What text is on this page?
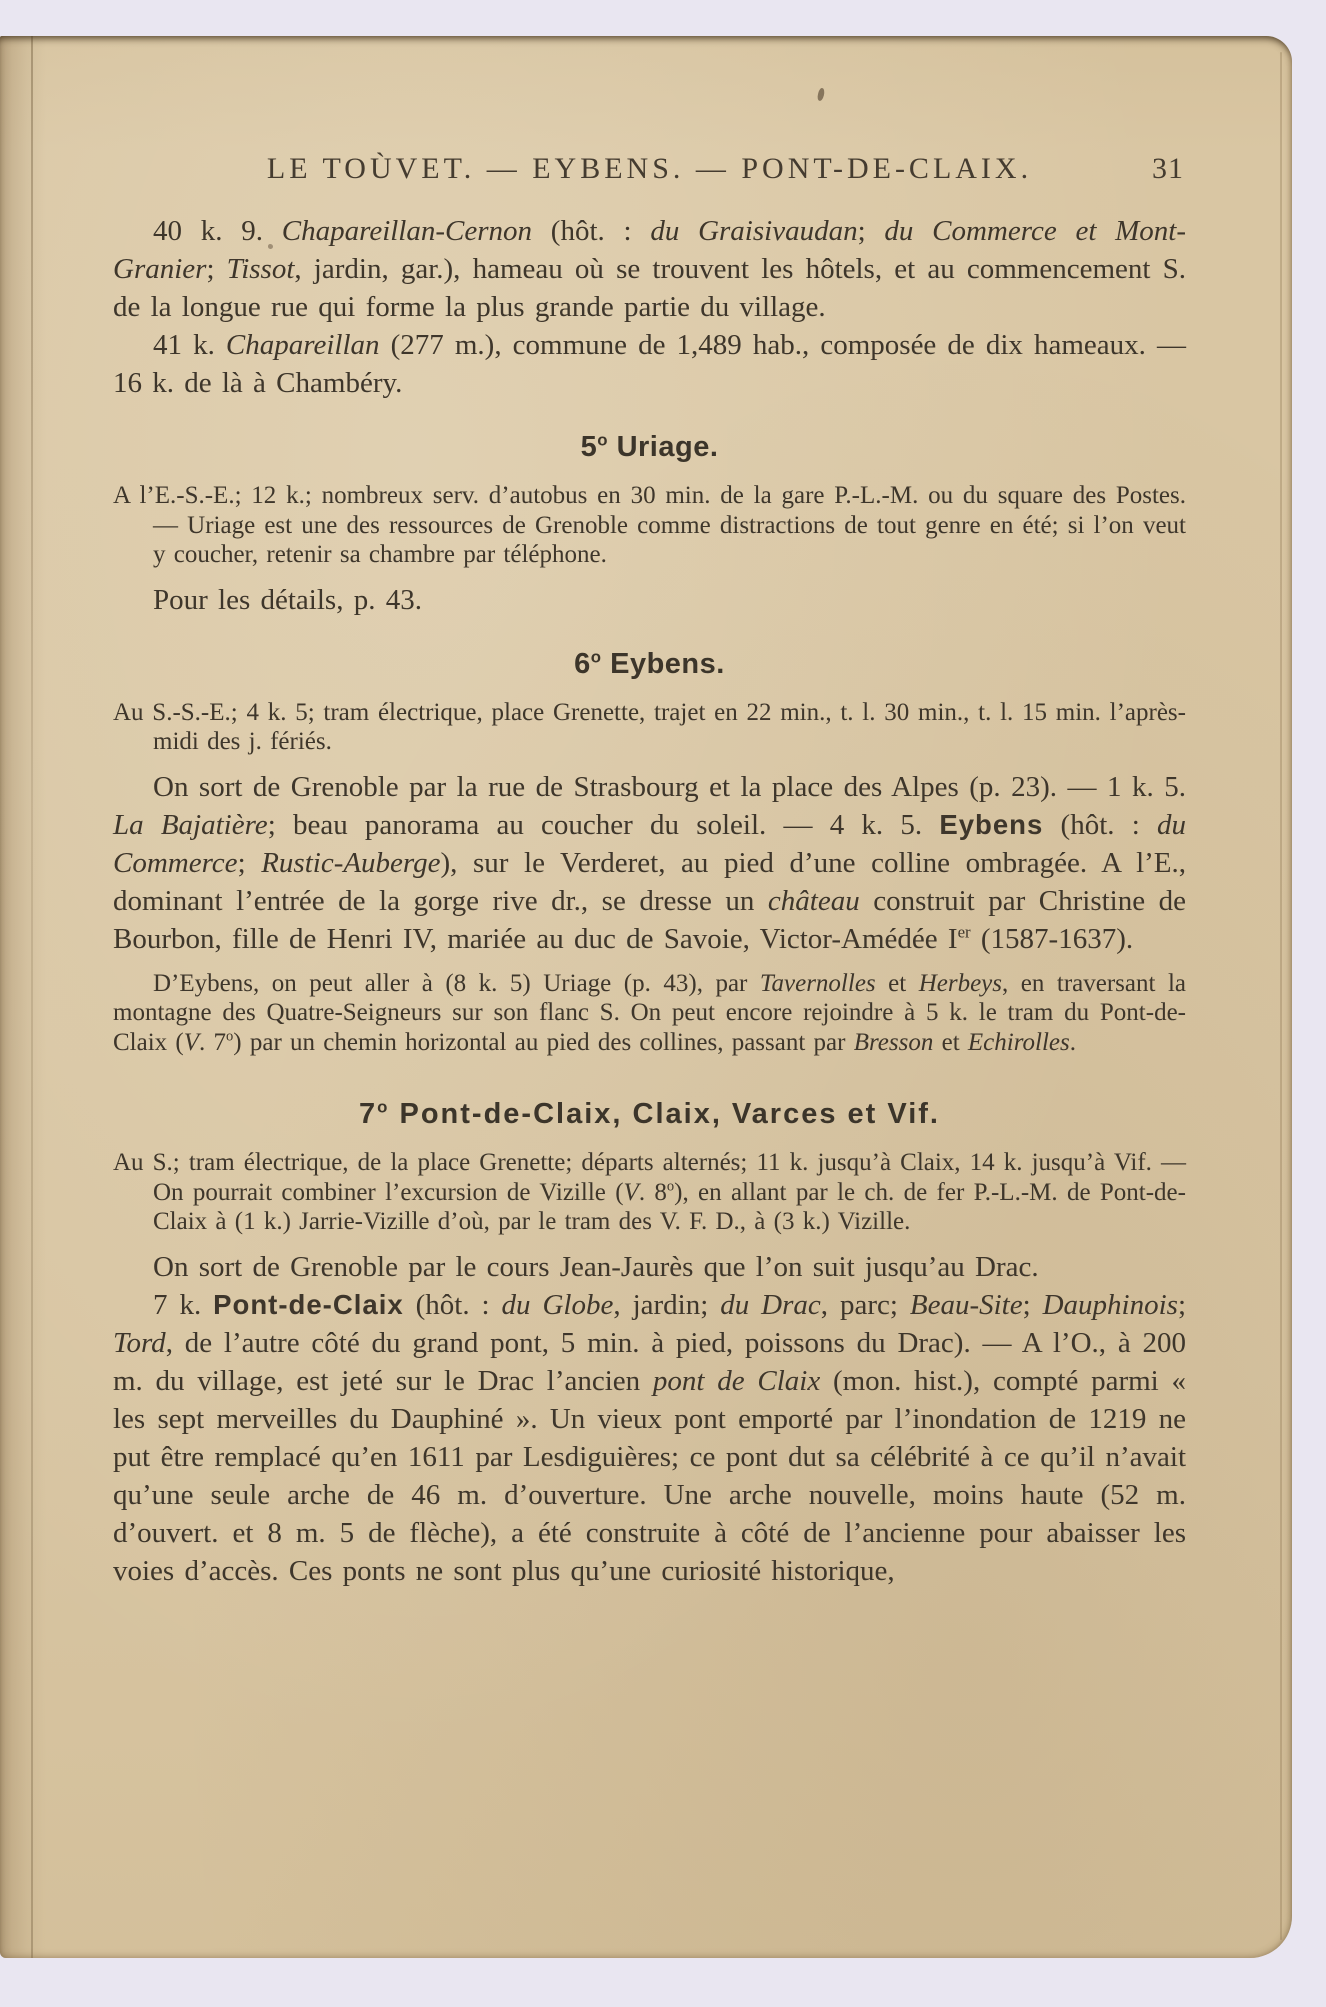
LE TOÙVET. — EYBENS. — PONT-DE-CLAIX.	31

40 k. 9. Chapareillan-Cernon (hôt. : du Graisivaudan; du Commerce et Mont-Granier; Tissot, jardin, gar.), hameau où se trouvent les hôtels, et au commencement S. de la longue rue qui forme la plus grande partie du village.

41 k. Chapareillan (277 m.), commune de 1,489 hab., composée de dix hameaux. — 16 k. de là à Chambéry.

5$^o$ Uriage.

A l’E.-S.-E.; 12 k.; nombreux serv. d’autobus en 30 min. de la gare P.-L.-M. ou du square des Postes. — Uriage est une des ressources de Grenoble comme distractions de tout genre en été; si l’on veut y coucher, retenir sa chambre par téléphone.

Pour les détails, p. 43.

6$^o$ Eybens.

Au S.-S.-E.; 4 k. 5; tram électrique, place Grenette, trajet en 22 min., t. l. 30 min., t. l. 15 min. l’après-midi des j. fériés.

On sort de Grenoble par la rue de Strasbourg et la place des Alpes (p. 23). — 1 k. 5. La Bajatière; beau panorama au coucher du soleil. — 4 k. 5. Eybens (hôt. : du Commerce; Rustic-Auberge), sur le Verderet, au pied d’une colline ombragée. A l’E., dominant l’entrée de la gorge rive dr., se dresse un château construit par Christine de Bourbon, fille de Henri IV, mariée au duc de Savoie, Victor-Amédée Ier (1587-1637).

D’Eybens, on peut aller à (8 k. 5) Uriage (p. 43), par Tavernolles et Herbeys, en traversant la montagne des Quatre-Seigneurs sur son flanc S. On peut encore rejoindre à 5 k. le tram du Pont-de-Claix (V. 7$^o$) par un chemin horizontal au pied des collines, passant par Bresson et Echirolles.

7$^o$ Pont-de-Claix, Claix, Varces et Vif.

Au S.; tram électrique, de la place Grenette; départs alternés; 11 k. jusqu’à Claix, 14 k. jusqu’à Vif. — On pourrait combiner l’excursion de Vizille (V. 8$^o$), en allant par le ch. de fer P.-L.-M. de Pont-de-Claix à (1 k.) Jarrie-Vizille d’où, par le tram des V. F. D., à (3 k.) Vizille.

On sort de Grenoble par le cours Jean-Jaurès que l’on suit jusqu’au Drac.

7 k. Pont-de-Claix (hôt. : du Globe, jardin; du Drac, parc; Beau-Site; Dauphinois; Tord, de l’autre côté du grand pont, 5 min. à pied, poissons du Drac). — A l’O., à 200 m. du village, est jeté sur le Drac l’ancien pont de Claix (mon. hist.), compté parmi « les sept merveilles du Dauphiné ». Un vieux pont emporté par l’inondation de 1219 ne put être remplacé qu’en 1611 par Lesdiguières; ce pont dut sa célébrité à ce qu’il n’avait qu’une seule arche de 46 m. d’ouverture. Une arche nouvelle, moins haute (52 m. d’ouvert. et 8 m. 5 de flèche), a été construite à côté de l’ancienne pour abaisser les voies d’accès. Ces ponts ne sont plus qu’une curiosité historique,
